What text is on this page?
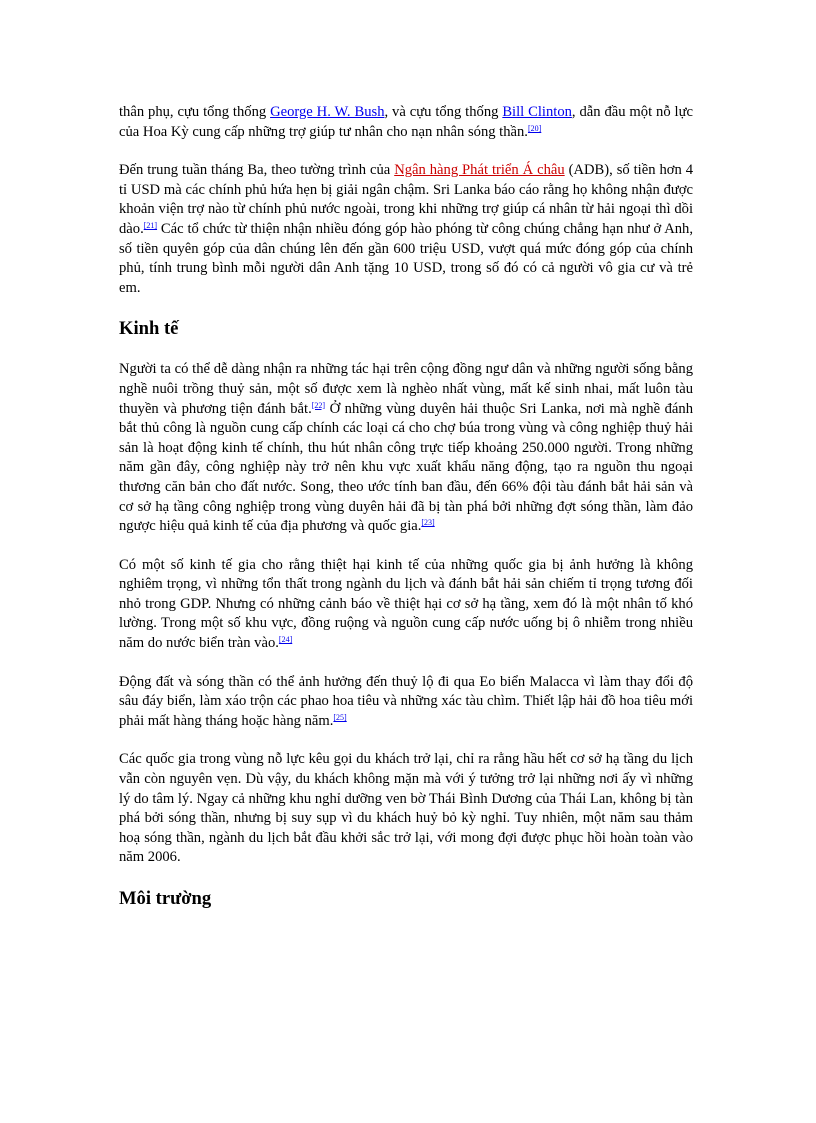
thân phụ, cựu tổng thống George H. W. Bush, và cựu tổng thống Bill Clinton, dẫn đầu một nỗ lực của Hoa Kỳ cung cấp những trợ giúp tư nhân cho nạn nhân sóng thần.[20]

Đến trung tuần tháng Ba, theo tường trình của Ngân hàng Phát triển Á châu (ADB), số tiền hơn 4 tỉ USD mà các chính phủ hứa hẹn bị giải ngân chậm. Sri Lanka báo cáo rằng họ không nhận được khoản viện trợ nào từ chính phủ nước ngoài, trong khi những trợ giúp cá nhân từ hải ngoại thì dồi dào.[21] Các tổ chức từ thiện nhận nhiều đóng góp hào phóng từ công chúng chẳng hạn như ở Anh, số tiền quyên góp của dân chúng lên đến gần 600 triệu USD, vượt quá mức đóng góp của chính phủ, tính trung bình mỗi người dân Anh tặng 10 USD, trong số đó có cả người vô gia cư và trẻ em.

Kinh tế

Người ta có thể dễ dàng nhận ra những tác hại trên cộng đồng ngư dân và những người sống bằng nghề nuôi trồng thuỷ sản, một số được xem là nghèo nhất vùng, mất kế sinh nhai, mất luôn tàu thuyền và phương tiện đánh bắt.[22] Ở những vùng duyên hải thuộc Sri Lanka, nơi mà nghề đánh bắt thủ công là nguồn cung cấp chính các loại cá cho chợ búa trong vùng và công nghiệp thuỷ hải sản là hoạt động kinh tế chính, thu hút nhân công trực tiếp khoảng 250.000 người. Trong những năm gần đây, công nghiệp này trở nên khu vực xuất khẩu năng động, tạo ra nguồn thu ngoại thương căn bản cho đất nước. Song, theo ước tính ban đầu, đến 66% đội tàu đánh bắt hải sản và cơ sở hạ tầng công nghiệp trong vùng duyên hải đã bị tàn phá bởi những đợt sóng thần, làm đảo ngược hiệu quả kinh tế của địa phương và quốc gia.[23]

Có một số kinh tế gia cho rằng thiệt hại kinh tế của những quốc gia bị ảnh hưởng là không nghiêm trọng, vì những tổn thất trong ngành du lịch và đánh bắt hải sản chiếm tỉ trọng tương đối nhỏ trong GDP. Nhưng có những cảnh báo về thiệt hại cơ sở hạ tầng, xem đó là một nhân tố khó lường. Trong một số khu vực, đồng ruộng và nguồn cung cấp nước uống bị ô nhiễm trong nhiều năm do nước biển tràn vào.[24]

Động đất và sóng thần có thể ảnh hưởng đến thuỷ lộ đi qua Eo biển Malacca vì làm thay đổi độ sâu đáy biển, làm xáo trộn các phao hoa tiêu và những xác tàu chìm. Thiết lập hải đồ hoa tiêu mới phải mất hàng tháng hoặc hàng năm.[25]

Các quốc gia trong vùng nỗ lực kêu gọi du khách trở lại, chỉ ra rằng hầu hết cơ sở hạ tầng du lịch vẫn còn nguyên vẹn. Dù vậy, du khách không mặn mà với ý tưởng trở lại những nơi ấy vì những lý do tâm lý. Ngay cả những khu nghỉ dưỡng ven bờ Thái Bình Dương của Thái Lan, không bị tàn phá bởi sóng thần, nhưng bị suy sụp vì du khách huỷ bỏ kỳ nghỉ. Tuy nhiên, một năm sau thảm hoạ sóng thần, ngành du lịch bắt đầu khởi sắc trở lại, với mong đợi được phục hồi hoàn toàn vào năm 2006.

Môi trường
